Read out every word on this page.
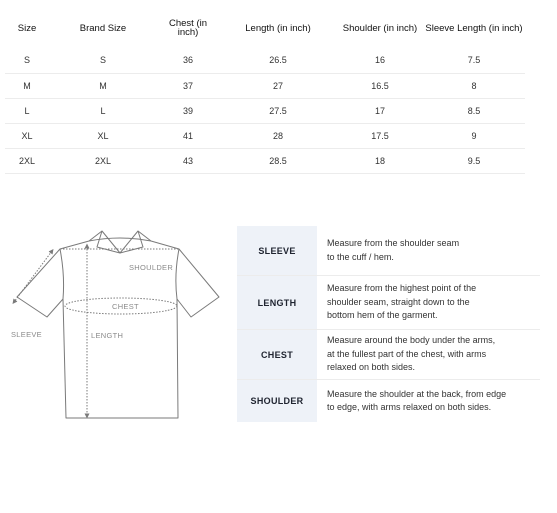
Size	Brand Size	Chest (in inch)	Length (in inch)	Shoulder (in inch)	Sleeve Length (in inch)
S	S	36	26.5	16	7.5
M	M	37	27	16.5	8
L	L	39	27.5	17	8.5
XL	XL	41	28	17.5	9
2XL	2XL	43	28.5	18	9.5
SHOULDER
CHEST
SLEEVE	LENGTH
SLEEVE
Measure from the shoulder seam
to the cuff / hem.
LENGTH
Measure from the highest point of the
shoulder seam, straight down to the
bottom hem of the garment.
CHEST
Measure around the body under the arms,
at the fullest part of the chest, with arms
relaxed on both sides.
SHOULDER
Measure the shoulder at the back, from edge
to edge, with arms relaxed on both sides.
